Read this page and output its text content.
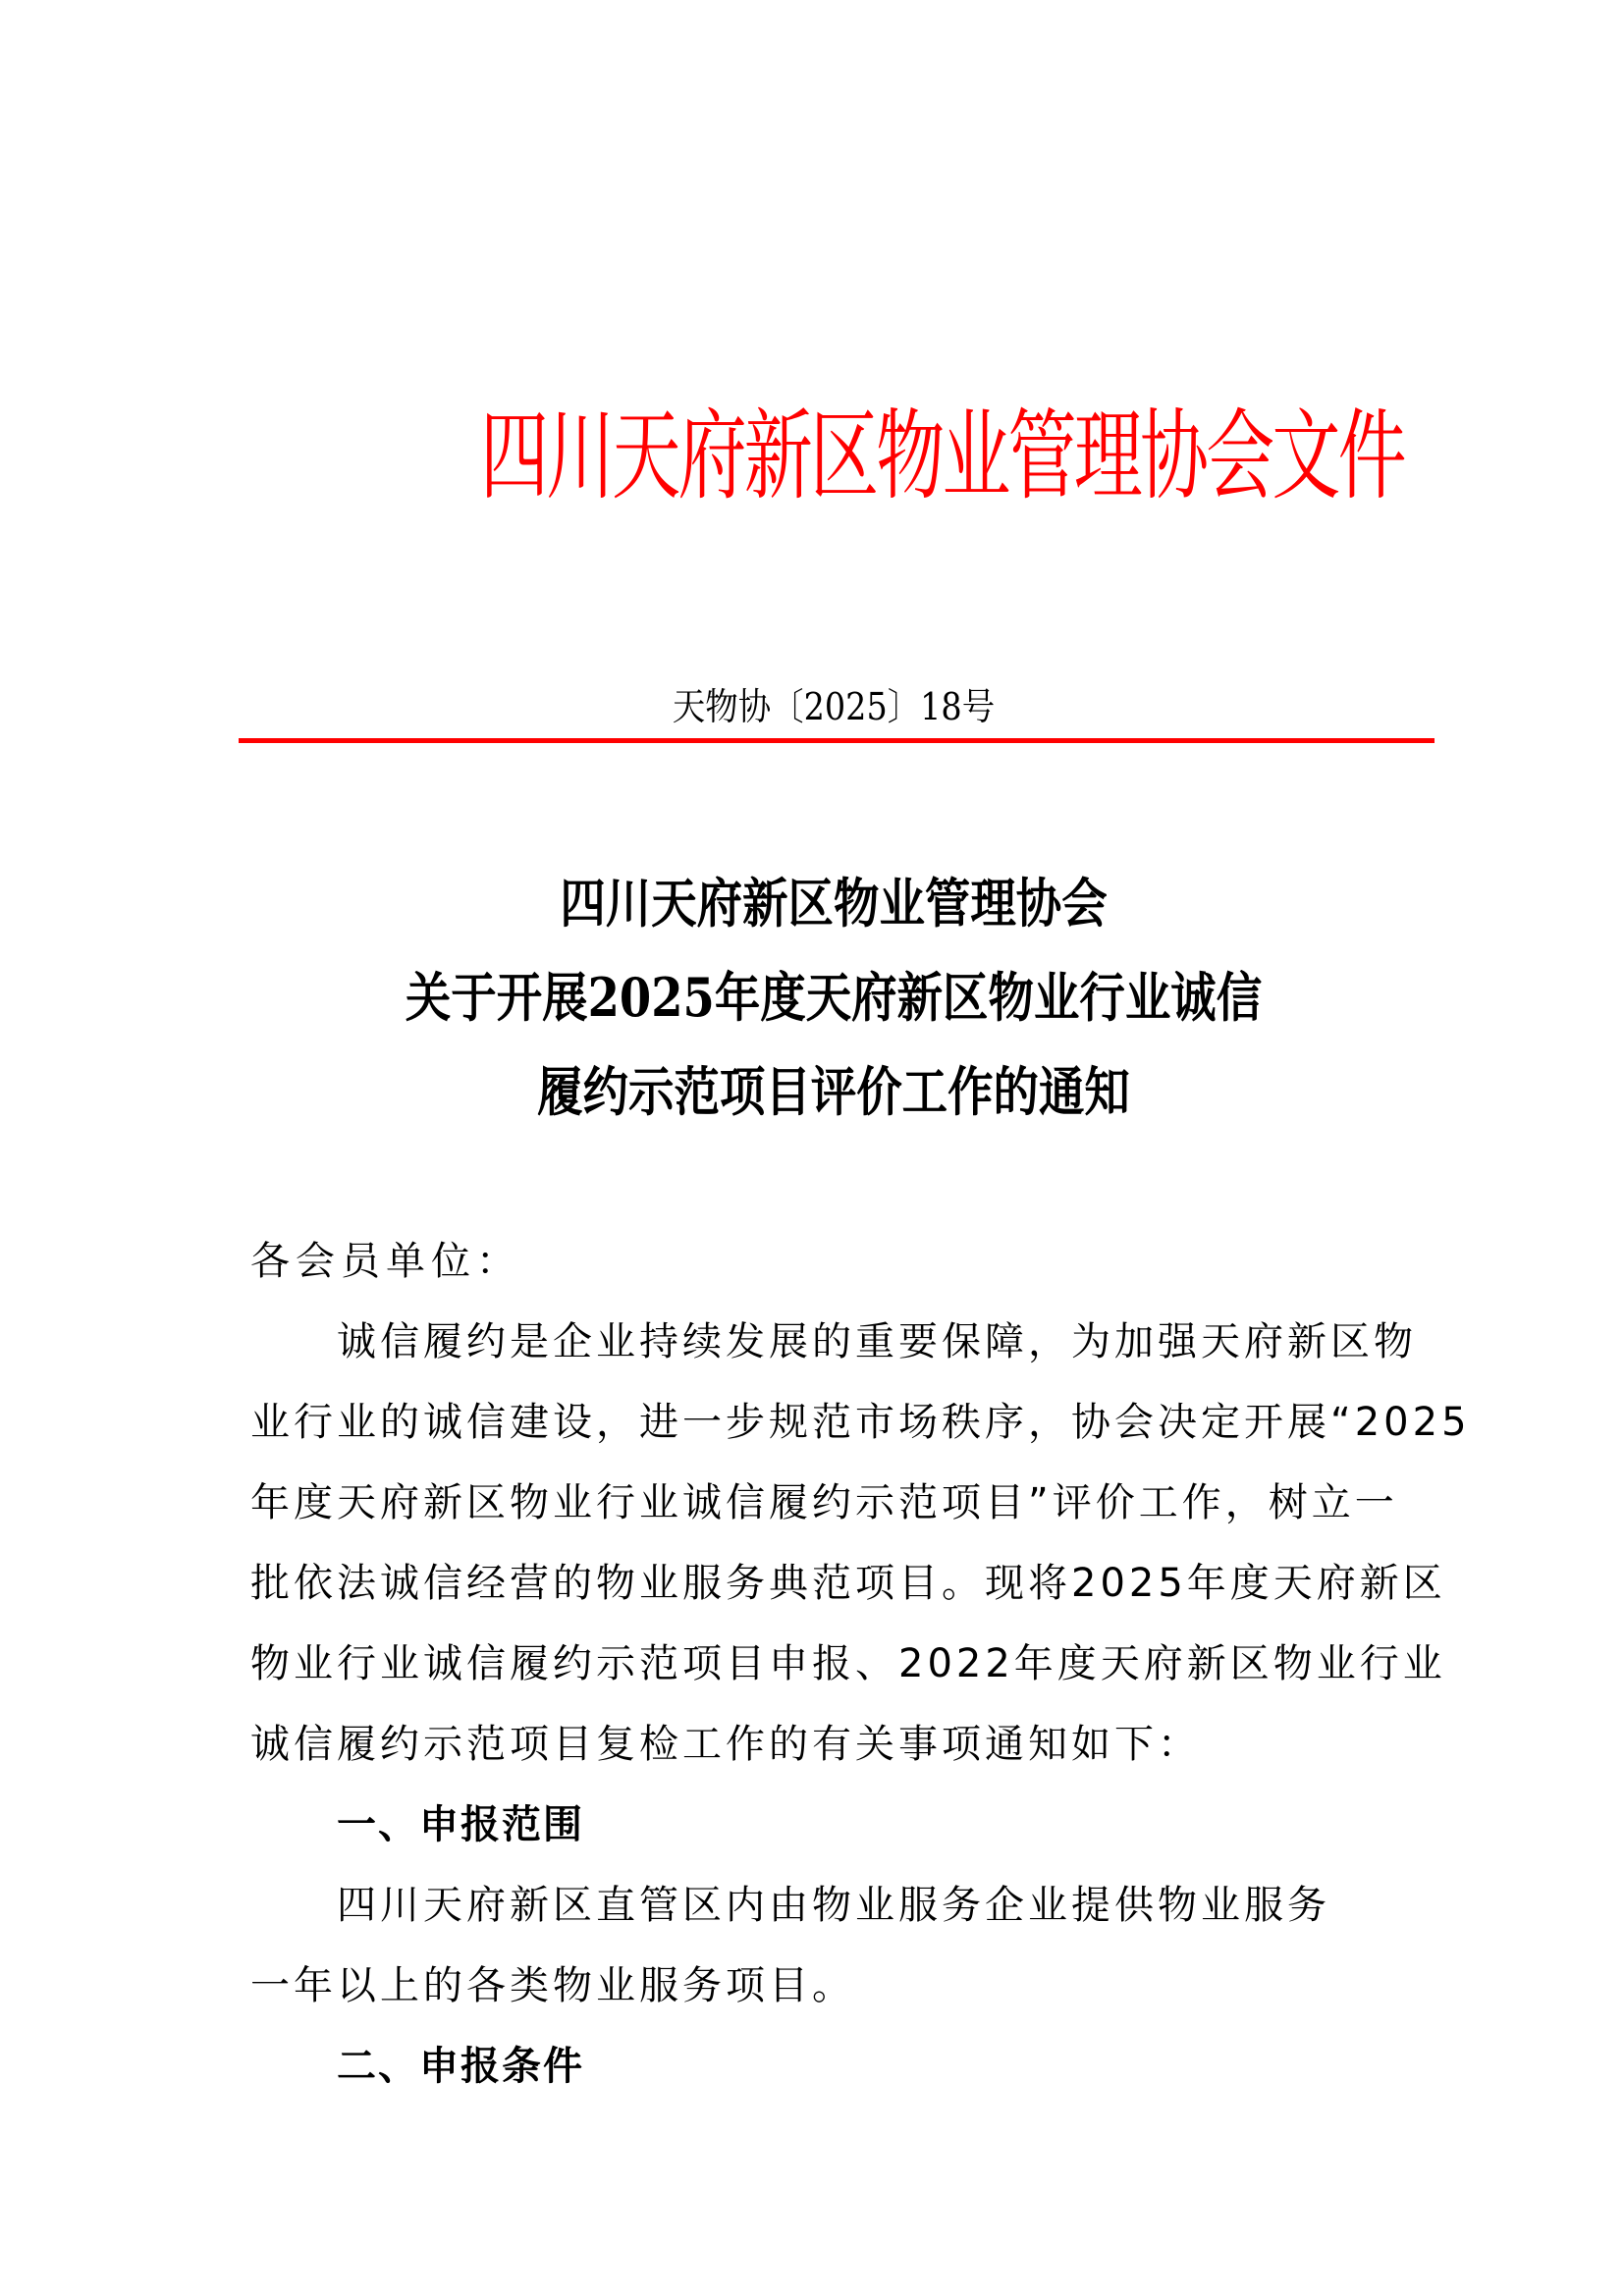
四川天府新区物业管理协会文件
天物协〔2025〕18号
四川天府新区物业管理协会
关于开展2025年度天府新区物业行业诚信
履约示范项目评价工作的通知
各会员单位：
诚信履约是企业持续发展的重要保障，为加强天府新区物
业行业的诚信建设，进一步规范市场秩序，协会决定开展“2025
年度天府新区物业行业诚信履约示范项目”评价工作，树立一
批依法诚信经营的物业服务典范项目。现将2025年度天府新区
物业行业诚信履约示范项目申报、2022年度天府新区物业行业
诚信履约示范项目复检工作的有关事项通知如下：
一、申报范围
四川天府新区直管区内由物业服务企业提供物业服务
一年以上的各类物业服务项目。
二、申报条件
